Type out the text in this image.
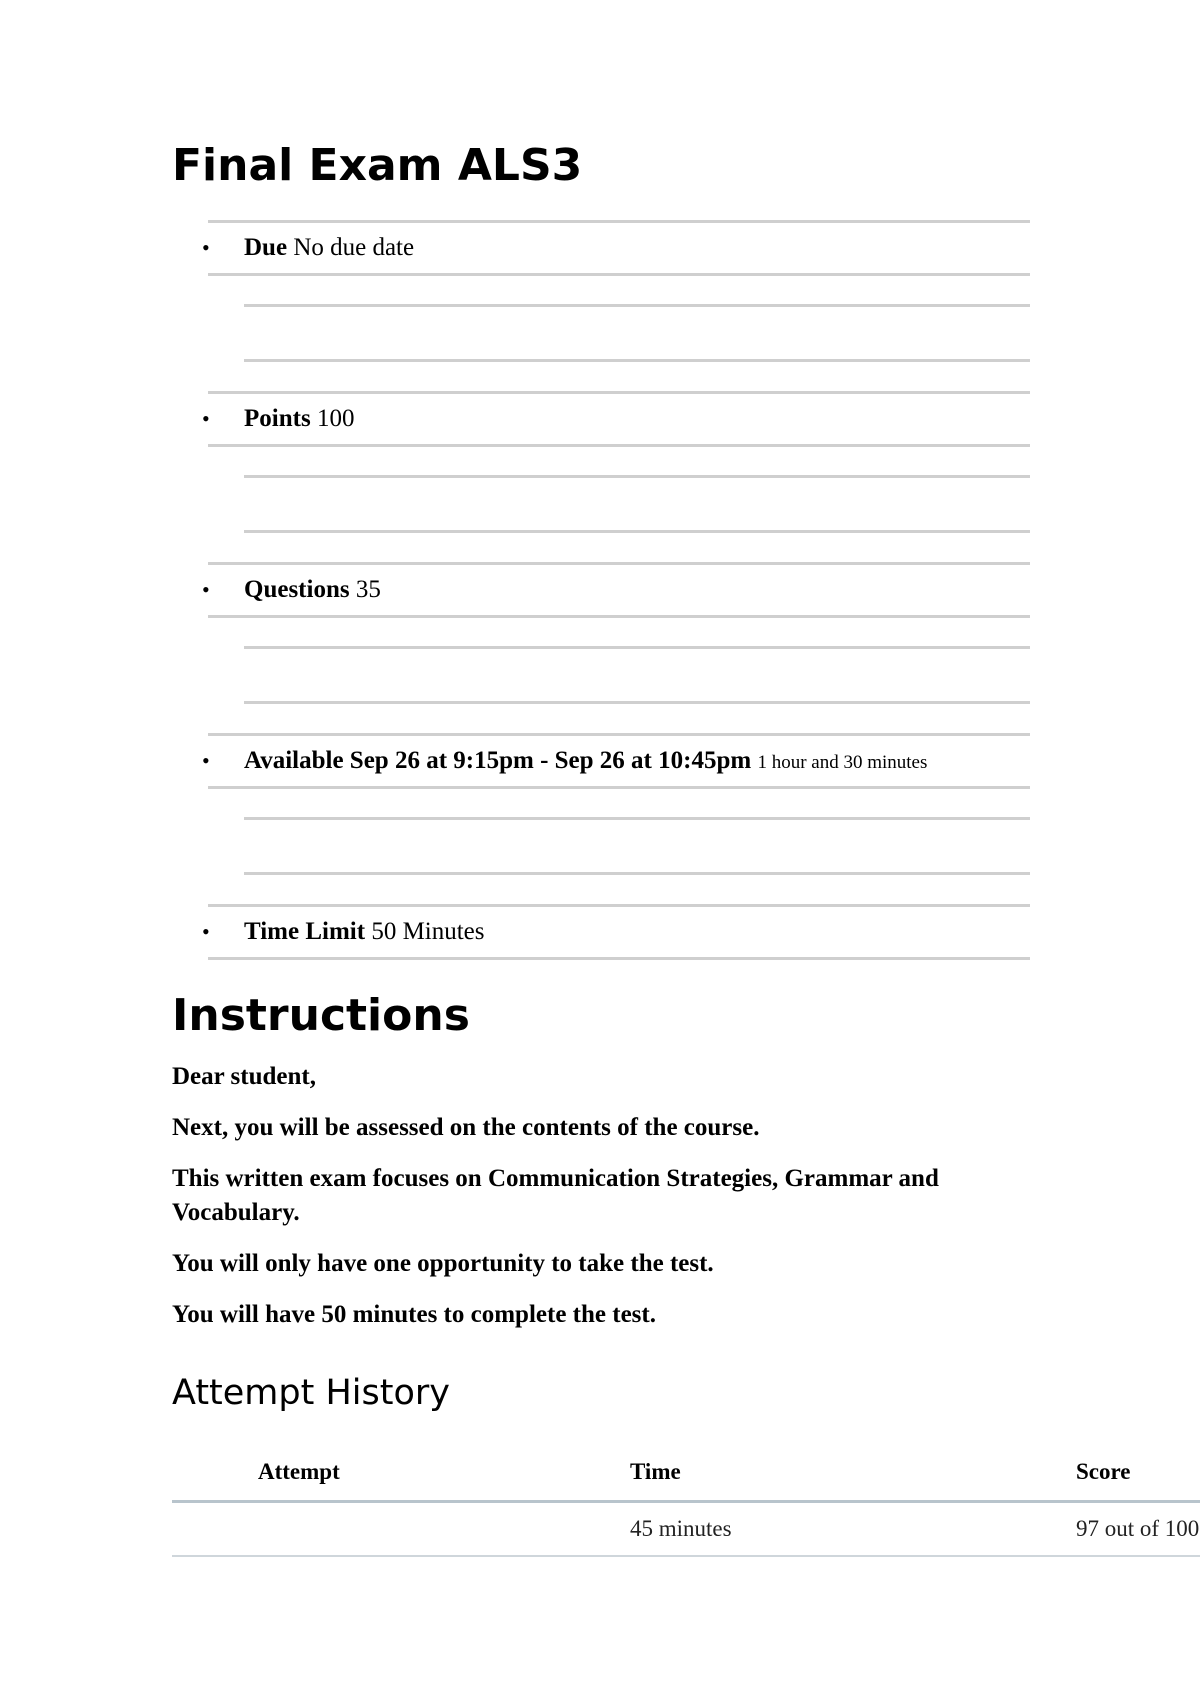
Final Exam ALS3
• Due No due date
• Points 100
• Questions 35
• Available Sep 26 at 9:15pm - Sep 26 at 10:45pm 1 hour and 30 minutes
• Time Limit 50 Minutes
Instructions

Dear student,

Next, you will be assessed on the contents of the course.

This written exam focuses on Communication Strategies, Grammar and Vocabulary.

You will only have one opportunity to take the test.

You will have 50 minutes to complete the test.

Attempt History
	Attempt	Time	Score
		45 minutes	97 out of 100
